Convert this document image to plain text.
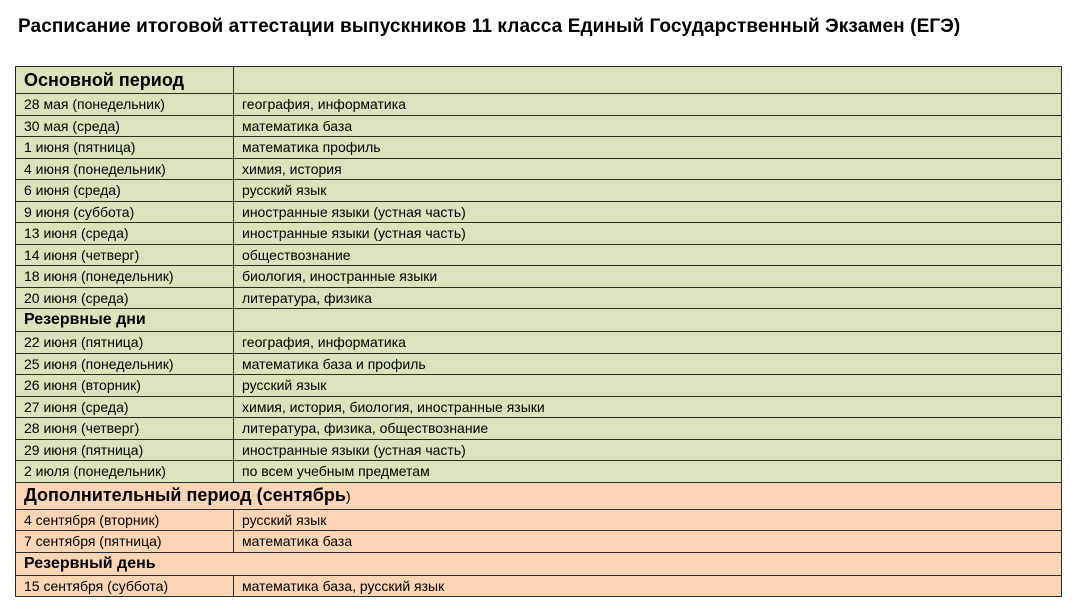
Расписание итоговой аттестации выпускников 11 класса Единый Государственный Экзамен (ЕГЭ)
Основной период	
28 мая (понедельник)	география, информатика
30 мая (среда)	математика база
1 июня (пятница)	математика профиль
4 июня (понедельник)	химия, история
6 июня (среда)	русский язык
9 июня (суббота)	иностранные языки (устная часть)
13 июня (среда)	иностранные языки (устная часть)
14 июня (четверг)	обществознание
18 июня (понедельник)	биология, иностранные языки
20 июня (среда)	литература, физика
Резервные дни	
22 июня (пятница)	география, информатика
25 июня (понедельник)	математика база и профиль
26 июня (вторник)	русский язык
27 июня (среда)	химия, история, биология, иностранные языки
28 июня (четверг)	литература, физика, обществознание
29 июня (пятница)	иностранные языки (устная часть)
2 июля (понедельник)	по всем учебным предметам
Дополнительный период (сентябрь)	
4 сентября (вторник)	русский язык
7 сентября (пятница)	математика база
Резервный день	
15 сентября (суббота)	математика база, русский язык
